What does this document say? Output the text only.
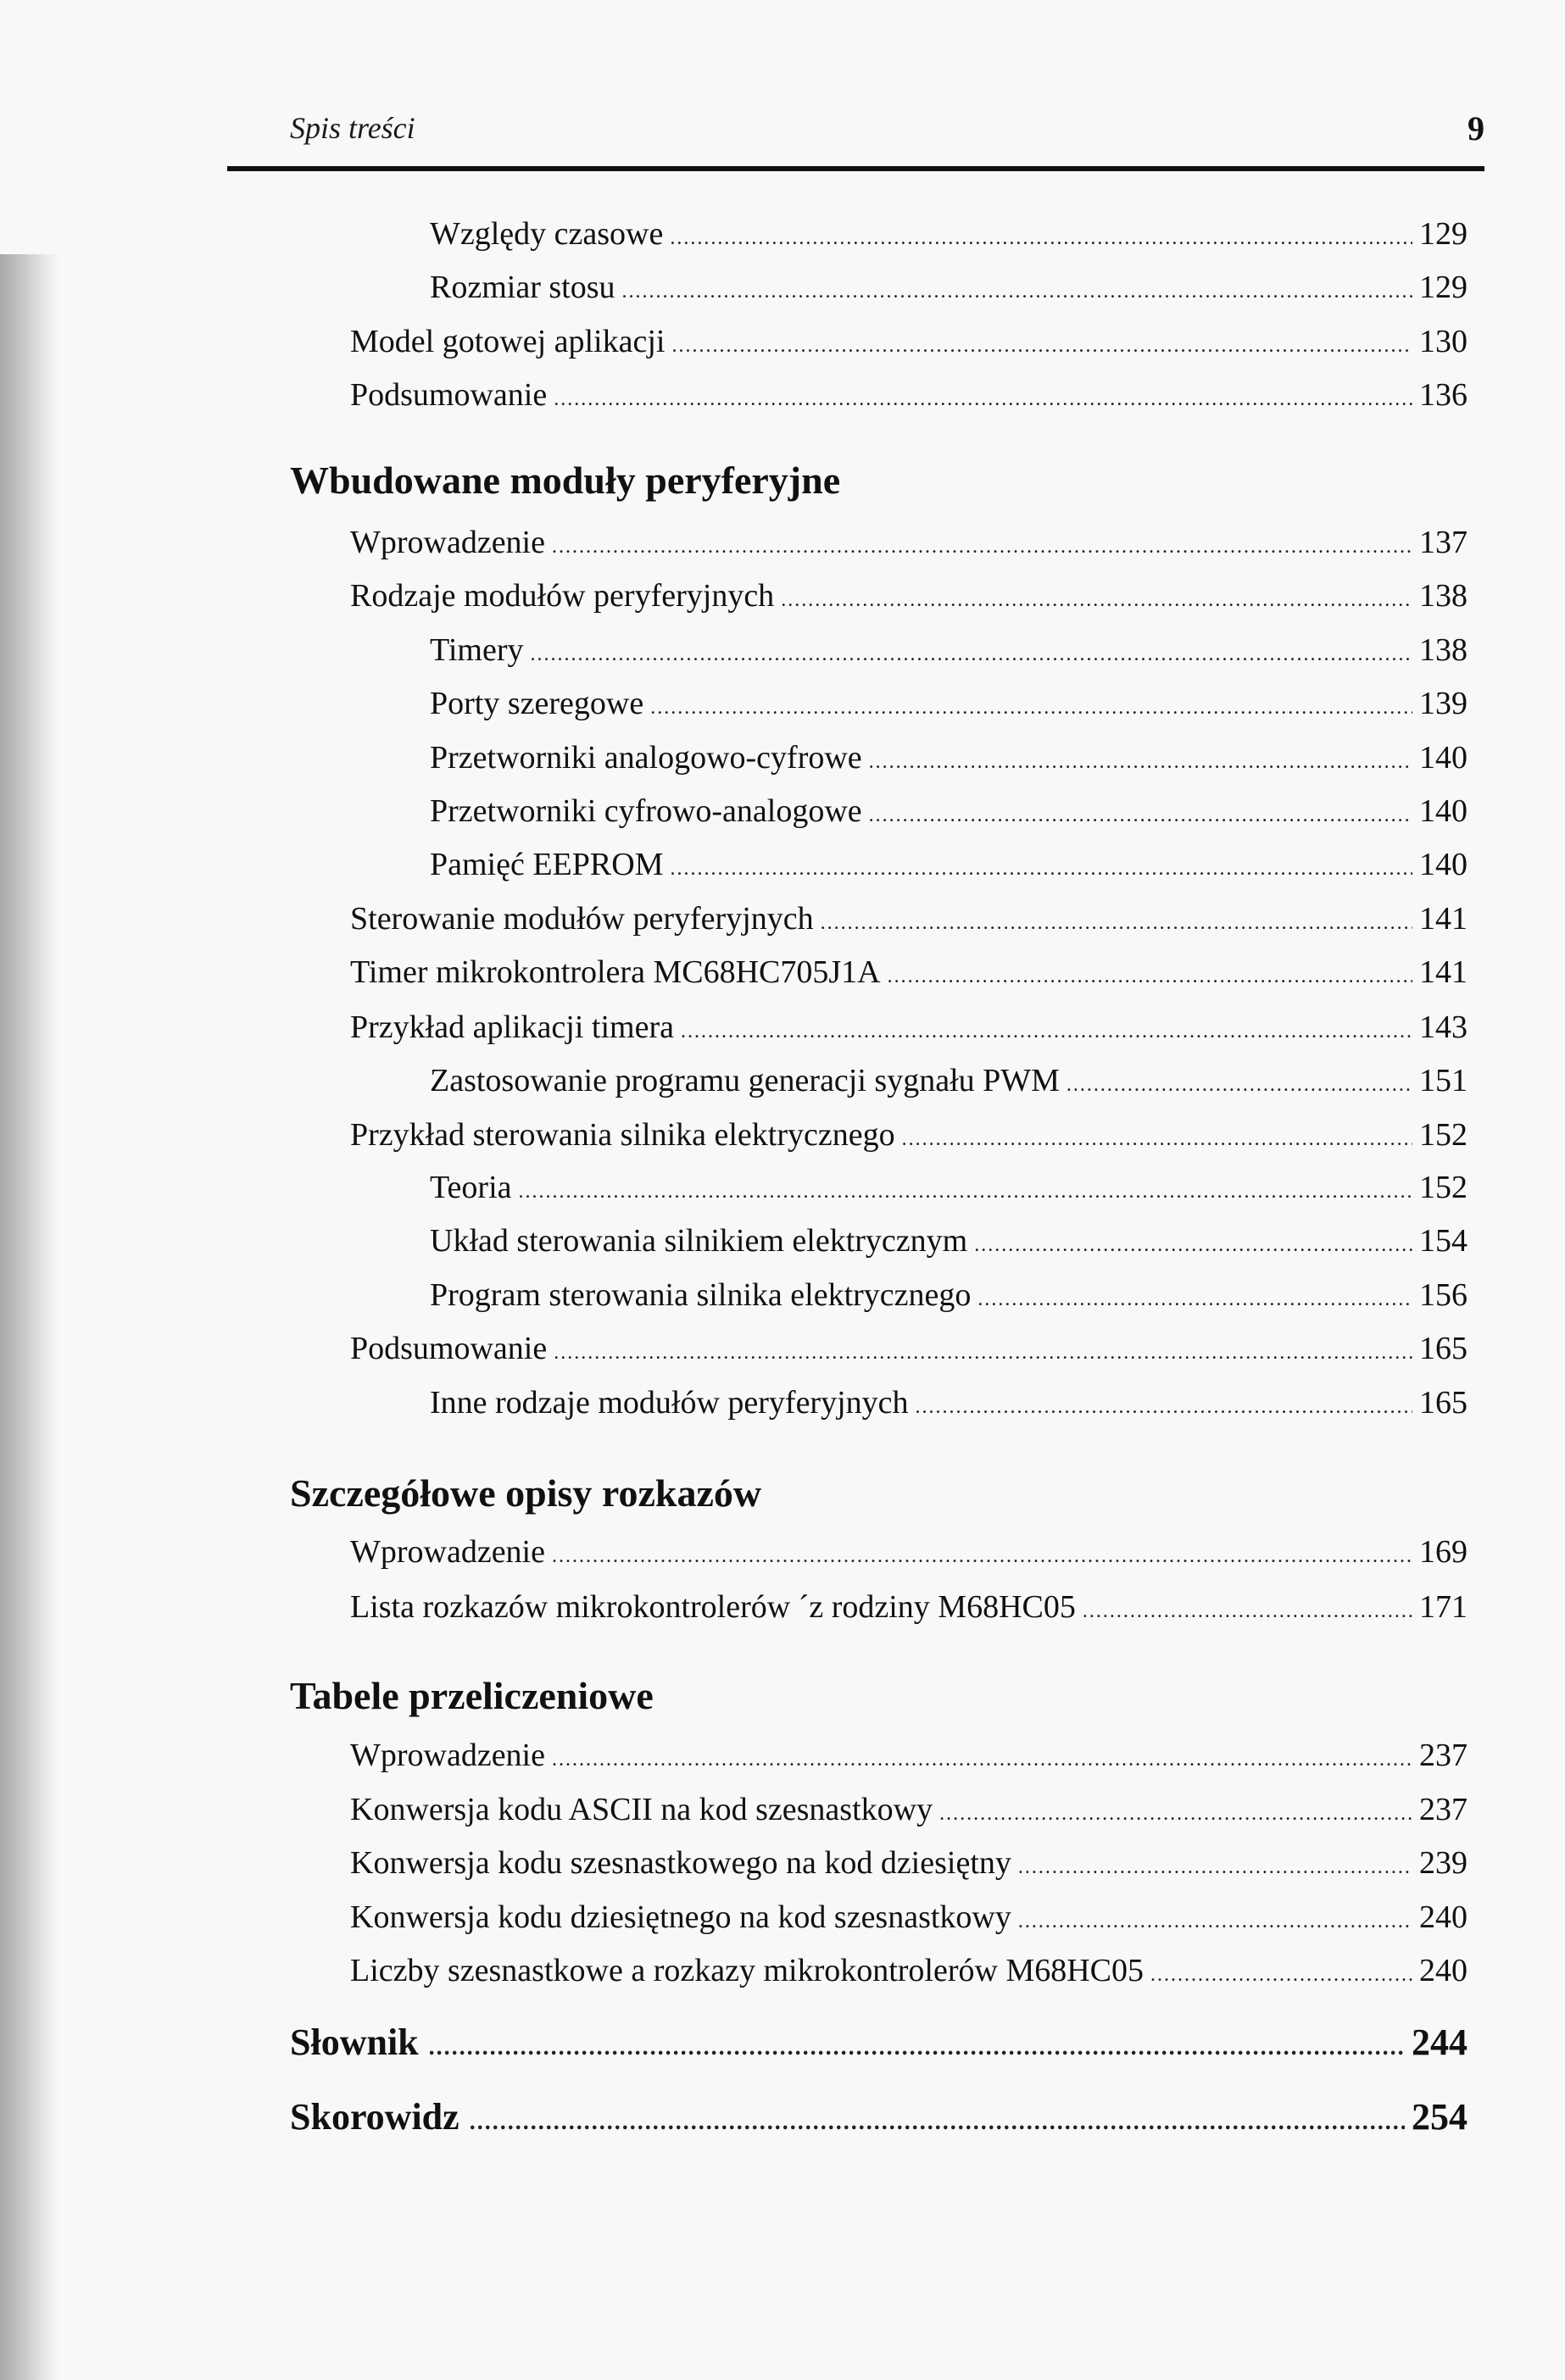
Spis treści	9
Względy czasowe .....	129
Rozmiar stosu .....	129
Model gotowej aplikacji .....	130
Podsumowanie .....	136
Wbudowane moduły peryferyjne
Wprowadzenie .....	137
Rodzaje modułów peryferyjnych .....	138
Timery .....	138
Porty szeregowe .....	139
Przetworniki analogowo-cyfrowe .....	140
Przetworniki cyfrowo-analogowe .....	140
Pamięć EEPROM .....	140
Sterowanie modułów peryferyjnych .....	141
Timer mikrokontrolera MC68HC705J1A .....	141
Przykład aplikacji timera .....	143
Zastosowanie programu generacji sygnału PWM .....	151
Przykład sterowania silnika elektrycznego .....	152
Teoria .....	152
Układ sterowania silnikiem elektrycznym .....	154
Program sterowania silnika elektrycznego .....	156
Podsumowanie .....	165
Inne rodzaje modułów peryferyjnych .....	165
Szczegółowe opisy rozkazów
Wprowadzenie .....	169
Lista rozkazów mikrokontrolerów ´z rodziny M68HC05 .....	171
Tabele przeliczeniowe
Wprowadzenie .....	237
Konwersja kodu ASCII na kod szesnastkowy .....	237
Konwersja kodu szesnastkowego na kod dziesiętny .....	239
Konwersja kodu dziesiętnego na kod szesnastkowy .....	240
Liczby szesnastkowe a rozkazy mikrokontrolerów M68HC05 .....	240
Słownik .....	244
Skorowidz .....	254
